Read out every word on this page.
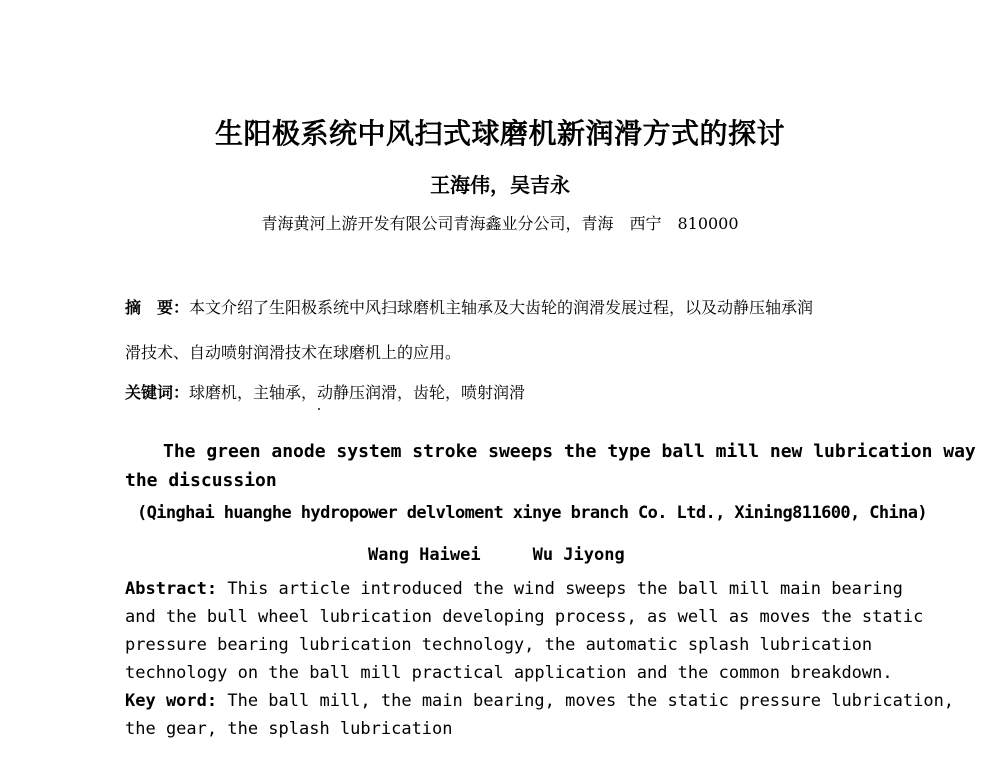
生阳极系统中风扫式球磨机新润滑方式的探讨
王海伟，吴吉永
青海黄河上游开发有限公司青海鑫业分公司，青海　西宁　810000
摘　要：本文介绍了生阳极系统中风扫球磨机主轴承及大齿轮的润滑发展过程，以及动静压轴承润
滑技术、自动喷射润滑技术在球磨机上的应用。
关键词：球磨机，主轴承，动静压润滑，齿轮，喷射润滑
The green anode system stroke sweeps the type ball mill new lubrication way
the discussion
(Qinghai huanghe hydropower delvloment xinye branch Co. Ltd., Xining811600, China)
Wang Haiwei	Wu Jiyong
Abstract: This article introduced the wind sweeps the ball mill main bearing
and the bull wheel lubrication developing process, as well as moves the static
pressure bearing lubrication technology, the automatic splash lubrication
technology on the ball mill practical application and the common breakdown.
Key word: The ball mill, the main bearing, moves the static pressure lubrication,
the gear, the splash lubrication
